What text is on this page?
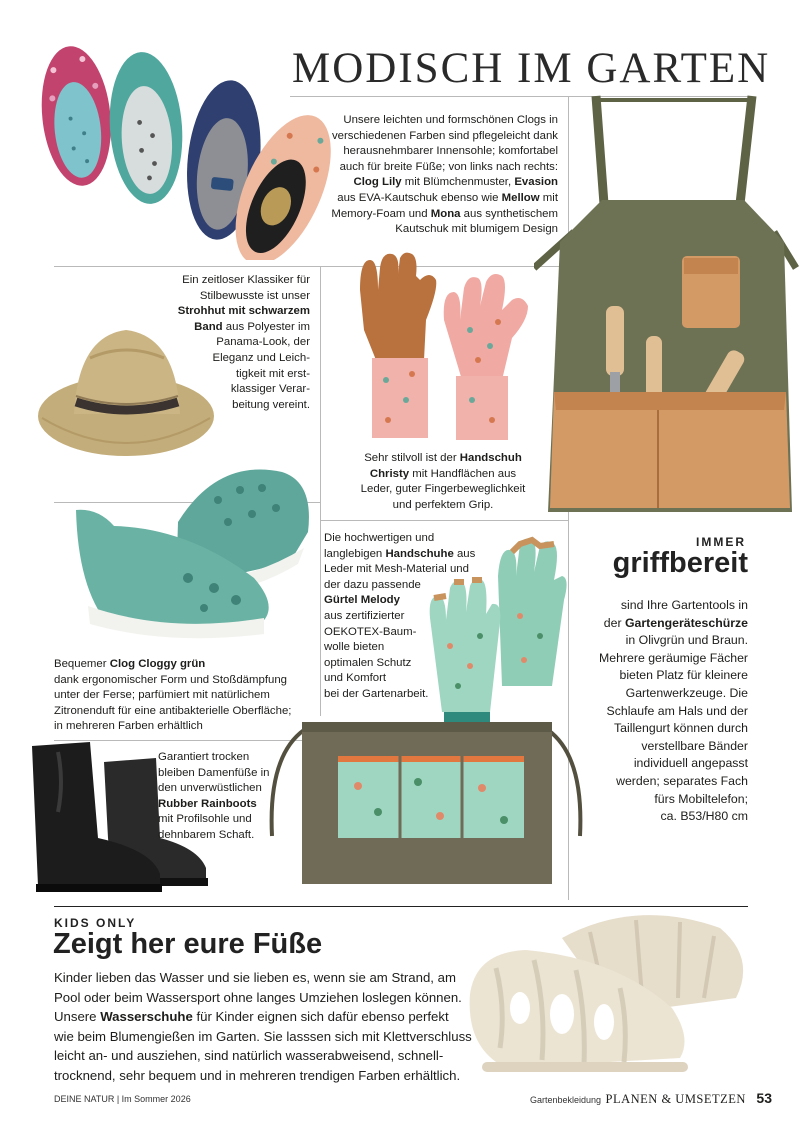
MODISCH IM GARTEN
Unsere leichten und formschönen Clogs in
verschiedenen Farben sind pflegeleicht dank
herausnehmbarer Innensohle; komfortabel
auch für breite Füße; von links nach rechts:
Clog Lily mit Blümchenmuster, Evasion
aus EVA-Kautschuk ebenso wie Mellow mit
Memory-Foam und Mona aus synthetischem
Kautschuk mit blumigem Design
Ein zeitloser Klassiker für
Stilbewusste ist unser
Strohhut mit schwarzem
Band aus Polyester im
Panama-Look, der
Eleganz und Leich-
tigkeit mit erst-
klassiger Verar-
beitung vereint.
Sehr stilvoll ist der Handschuh
Christy mit Handflächen aus
Leder, guter Fingerbeweglichkeit
und perfektem Grip.
Bequemer Clog Cloggy grün
dank ergonomischer Form und Stoßdämpfung
unter der Ferse; parfümiert mit natürlichem
Zitronenduft für eine antibakterielle Oberfläche;
in mehreren Farben erhältlich
Die hochwertigen und
langlebigen Handschuhe aus
Leder mit Mesh-Material und
der dazu passende
Gürtel Melody
aus zertifizierter
OEKOTEX-Baum-
wolle bieten
optimalen Schutz
und Komfort
bei der Gartenarbeit.
IMMER
griffbereit
sind Ihre Gartentools in
der Gartengeräteschürze
in Olivgrün und Braun.
Mehrere geräumige Fächer
bieten Platz für kleinere
Gartenwerkzeuge. Die
Schlaufe am Hals und der
Taillengurt können durch
verstellbare Bänder
individuell angepasst
werden; separates Fach
fürs Mobiltelefon;
ca. B53/H80 cm
Garantiert trocken
bleiben Damenfüße in
den unverwüstlichen
Rubber Rainboots
mit Profilsohle und
dehnbarem Schaft.
KIDS ONLY
Zeigt her eure Füße
Kinder lieben das Wasser und sie lieben es, wenn sie am Strand, am
Pool oder beim Wassersport ohne langes Umziehen loslegen können.
Unsere Wasserschuhe für Kinder eignen sich dafür ebenso perfekt
wie beim Blumengießen im Garten. Sie lasssen sich mit Klettverschluss
leicht an- und ausziehen, sind natürlich wasserabweisend, schnell-
trocknend, sehr bequem und in mehreren trendigen Farben erhältlich.
DEINE NATUR | Im Sommer 2026	Gartenbekleidung PLANEN & UMSETZEN 53
